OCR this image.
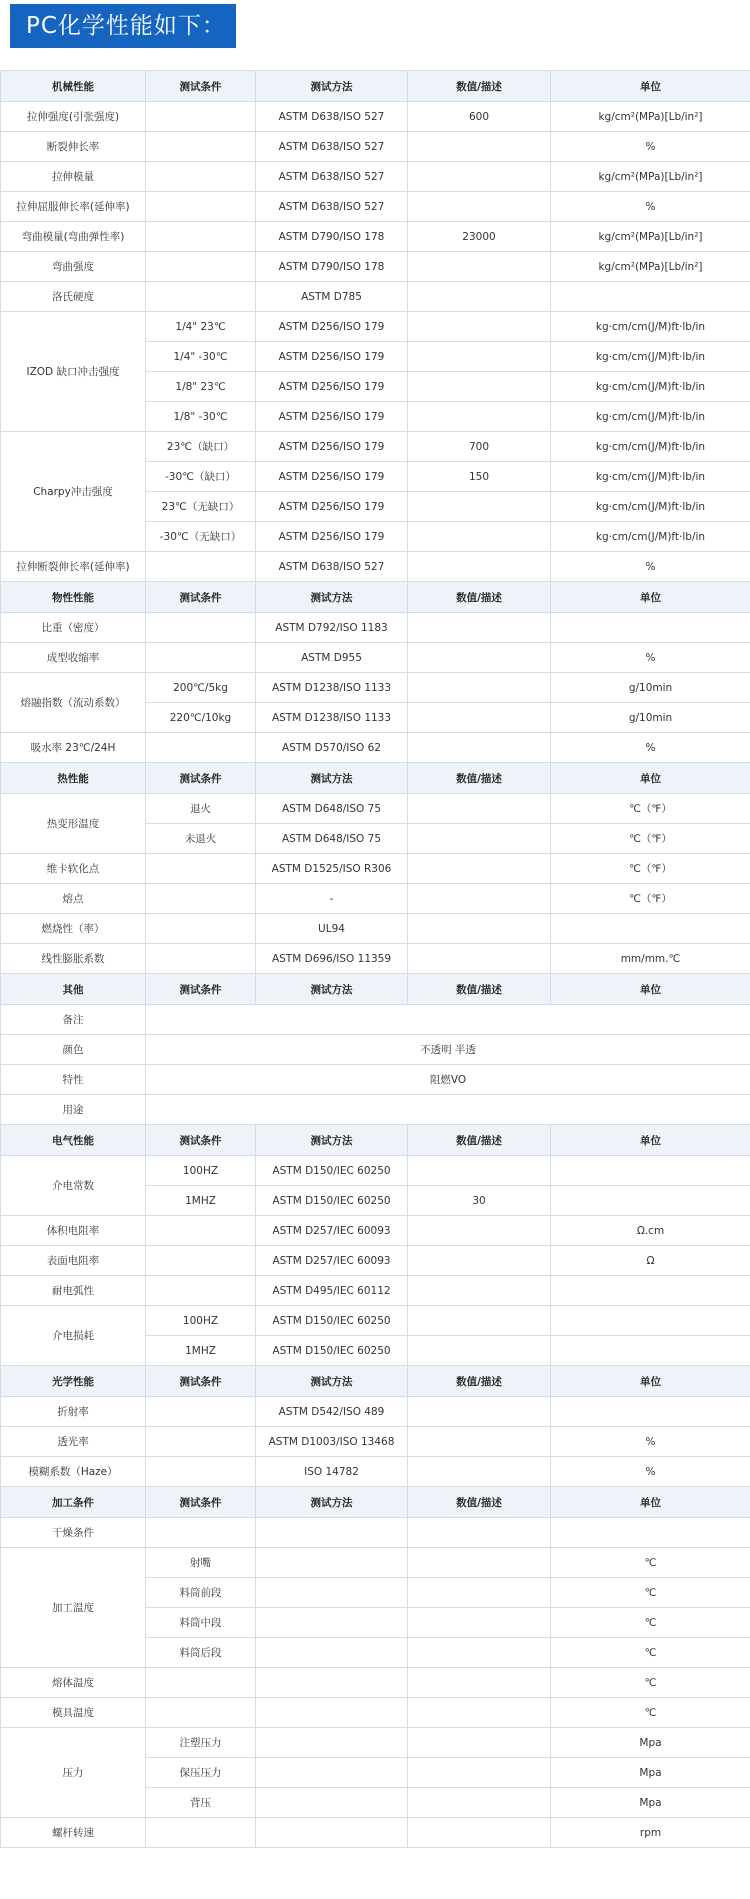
PC化学性能如下：
机械性能	测试条件	测试方法	数值/描述	单位
拉伸强度(引张强度)		ASTM D638/ISO 527	600	kg/cm²(MPa)[Lb/in²]
断裂伸长率		ASTM D638/ISO 527		%
拉伸模量		ASTM D638/ISO 527		kg/cm²(MPa)[Lb/in²]
拉伸屈服伸长率(延伸率)		ASTM D638/ISO 527		%
弯曲模量(弯曲弹性率)		ASTM D790/ISO 178	23000	kg/cm²(MPa)[Lb/in²]
弯曲强度		ASTM D790/ISO 178		kg/cm²(MPa)[Lb/in²]
洛氏硬度		ASTM D785		
IZOD 缺口冲击强度	1/4" 23℃	ASTM D256/ISO 179		kg·cm/cm(J/M)ft·lb/in
	1/4" -30℃	ASTM D256/ISO 179		kg·cm/cm(J/M)ft·lb/in
	1/8" 23℃	ASTM D256/ISO 179		kg·cm/cm(J/M)ft·lb/in
	1/8" -30℃	ASTM D256/ISO 179		kg·cm/cm(J/M)ft·lb/in
Charpy冲击强度	23℃（缺口）	ASTM D256/ISO 179	700	kg·cm/cm(J/M)ft·lb/in
	-30℃（缺口）	ASTM D256/ISO 179	150	kg·cm/cm(J/M)ft·lb/in
	23℃（无缺口）	ASTM D256/ISO 179		kg·cm/cm(J/M)ft·lb/in
	-30℃（无缺口）	ASTM D256/ISO 179		kg·cm/cm(J/M)ft·lb/in
拉伸断裂伸长率(延伸率)		ASTM D638/ISO 527		%
物性性能	测试条件	测试方法	数值/描述	单位
比重（密度）		ASTM D792/ISO 1183		
成型收缩率		ASTM D955		%
熔融指数（流动系数）	200℃/5kg	ASTM D1238/ISO 1133		g/10min
	220℃/10kg	ASTM D1238/ISO 1133		g/10min
吸水率 23℃/24H		ASTM D570/ISO 62		%
热性能	测试条件	测试方法	数值/描述	单位
热变形温度	退火	ASTM D648/ISO 75		℃（℉）
	未退火	ASTM D648/ISO 75		℃（℉）
维卡软化点		ASTM D1525/ISO R306		℃（℉）
熔点		-		℃（℉）
燃烧性（率）		UL94		
线性膨胀系数		ASTM D696/ISO 11359		mm/mm.℃
其他	测试条件	测试方法	数值/描述	单位
备注				
颜色	不透明 半透			
特性	阻燃VO			
用途				
电气性能	测试条件	测试方法	数值/描述	单位
介电常数	100HZ	ASTM D150/IEC 60250		
	1MHZ	ASTM D150/IEC 60250	30	
体积电阻率		ASTM D257/IEC 60093		Ω.cm
表面电阻率		ASTM D257/IEC 60093		Ω
耐电弧性		ASTM D495/IEC 60112		
介电损耗	100HZ	ASTM D150/IEC 60250		
	1MHZ	ASTM D150/IEC 60250		
光学性能	测试条件	测试方法	数值/描述	单位
折射率		ASTM D542/ISO 489		
透光率		ASTM D1003/ISO 13468		%
模糊系数（Haze）		ISO 14782		%
加工条件	测试条件	测试方法	数值/描述	单位
干燥条件				
加工温度	射嘴			℃
	料筒前段			℃
	料筒中段			℃
	料筒后段			℃
熔体温度				℃
模具温度				℃
压力	注塑压力			Mpa
	保压压力			Mpa
	背压			Mpa
螺杆转速				rpm
